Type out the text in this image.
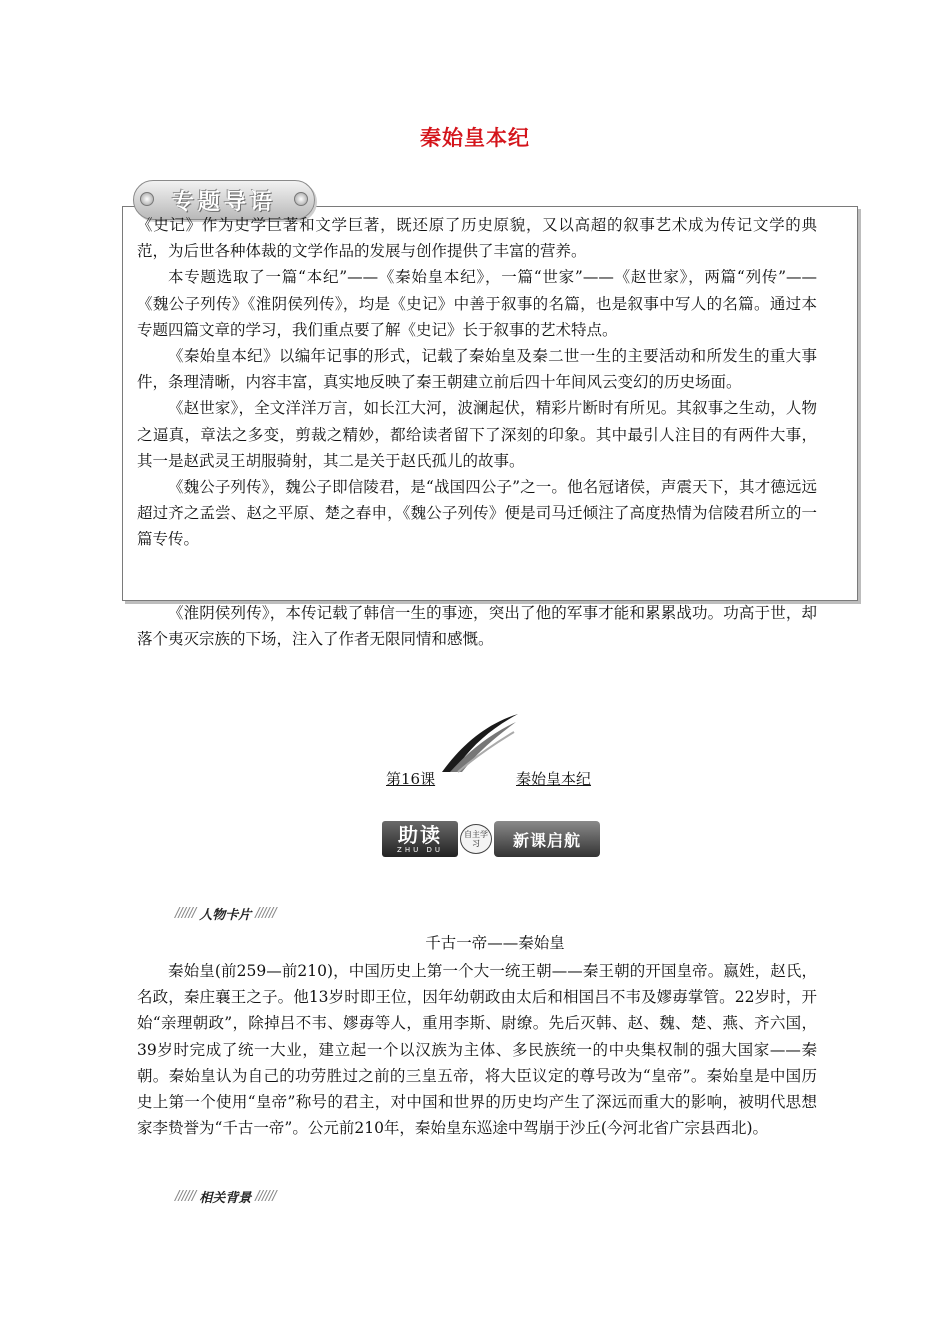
秦始皇本纪
专题导语

《史记》作为史学巨著和文学巨著，既还原了历史原貌，又以高超的叙事艺术成为传记文学的典范，为后世各种体裁的文学作品的发展与创作提供了丰富的营养。

本专题选取了一篇“本纪”——《秦始皇本纪》，一篇“世家”——《赵世家》，两篇“列传”——《魏公子列传》《淮阴侯列传》，均是《史记》中善于叙事的名篇，也是叙事中写人的名篇。通过本专题四篇文章的学习，我们重点要了解《史记》长于叙事的艺术特点。

《秦始皇本纪》以编年记事的形式，记载了秦始皇及秦二世一生的主要活动和所发生的重大事件，条理清晰，内容丰富，真实地反映了秦王朝建立前后四十年间风云变幻的历史场面。

《赵世家》，全文洋洋万言，如长江大河，波澜起伏，精彩片断时有所见。其叙事之生动，人物之逼真，章法之多变，剪裁之精妙，都给读者留下了深刻的印象。其中最引人注目的有两件大事，其一是赵武灵王胡服骑射，其二是关于赵氏孤儿的故事。

《魏公子列传》，魏公子即信陵君，是“战国四公子”之一。他名冠诸侯，声震天下，其才德远远超过齐之孟尝、赵之平原、楚之春申，《魏公子列传》便是司马迁倾注了高度热情为信陵君所立的一篇专传。

《淮阴侯列传》，本传记载了韩信一生的事迹，突出了他的军事才能和累累战功。功高于世，却落个夷灭宗族的下场，注入了作者无限同情和感慨。

第16课	秦始皇本纪
助读
ZHU DU
自主学习	新课启航
////// 人物卡片 //////
千古一帝——秦始皇

秦始皇(前259—前210)，中国历史上第一个大一统王朝——秦王朝的开国皇帝。嬴姓，赵氏，名政，秦庄襄王之子。他13岁时即王位，因年幼朝政由太后和相国吕不韦及嫪毐掌管。22岁时，开始“亲理朝政”，除掉吕不韦、嫪毐等人，重用李斯、尉缭。先后灭韩、赵、魏、楚、燕、齐六国，39岁时完成了统一大业，建立起一个以汉族为主体、多民族统一的中央集权制的强大国家——秦朝。秦始皇认为自己的功劳胜过之前的三皇五帝，将大臣议定的尊号改为“皇帝”。秦始皇是中国历史上第一个使用“皇帝”称号的君主，对中国和世界的历史均产生了深远而重大的影响，被明代思想家李贽誉为“千古一帝”。公元前210年，秦始皇东巡途中驾崩于沙丘(今河北省广宗县西北)。

////// 相关背景 //////
